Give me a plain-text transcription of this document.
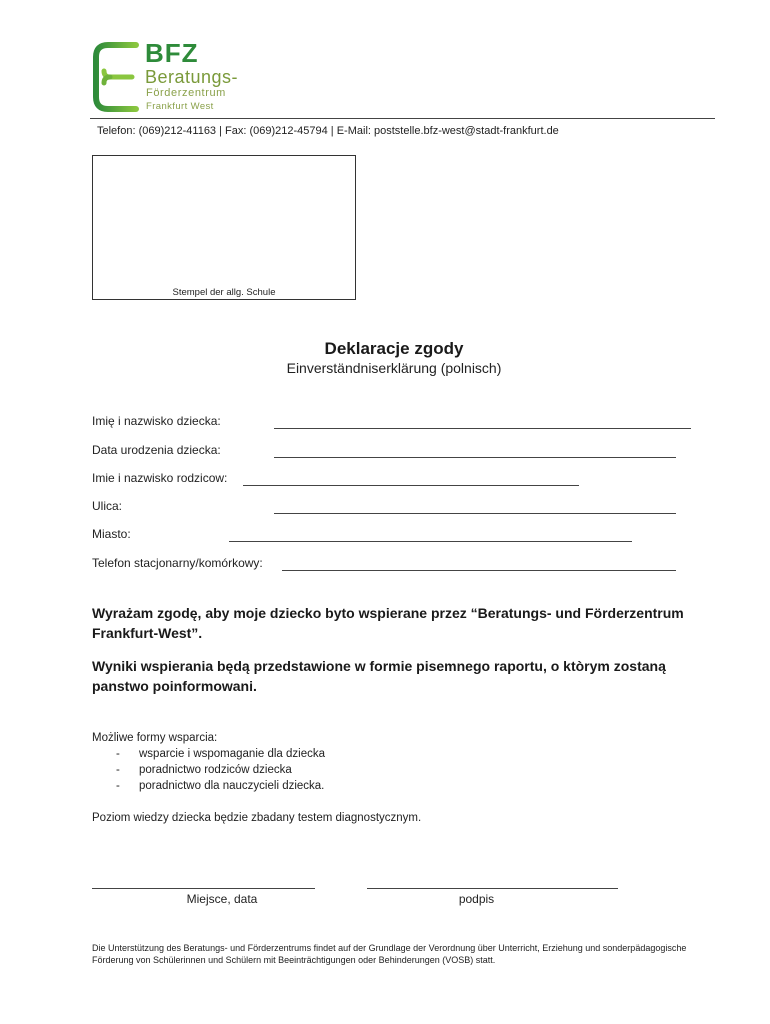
BFZ
Beratungs-
Förderzentrum
Frankfurt West
Telefon: (069)212-41163 | Fax: (069)212-45794 | E-Mail: poststelle.bfz-west@stadt-frankfurt.de
Stempel der allg. Schule
Deklaracje zgody
Einverständniserklärung (polnisch)
Imię i nazwisko dziecka:
Data urodzenia dziecka:
Imie i nazwisko rodzicow:
Ulica:
Miasto:
Telefon stacjonarny/komórkowy:
Wyrażam zgodę, aby moje dziecko byto wspierane przez “Beratungs- und Förderzentrum Frankfurt-West”.
Wyniki wspierania będą przedstawione w formie pisemnego raportu, o ktòrym zostaną panstwo poinformowani.
Możliwe formy wsparcia:
- wsparcie i wspomaganie dla dziecka
- poradnictwo rodziców dziecka
- poradnictwo dla nauczycieli dziecka.
Poziom wiedzy dziecka będzie zbadany testem diagnostycznym.
Miejsce, data	podpis
Die Unterstützung des Beratungs- und Förderzentrums findet auf der Grundlage der Verordnung über Unterricht, Erziehung und sonderpädagogische Förderung von Schülerinnen und Schülern mit Beeinträchtigungen oder Behinderungen (VOSB) statt.
